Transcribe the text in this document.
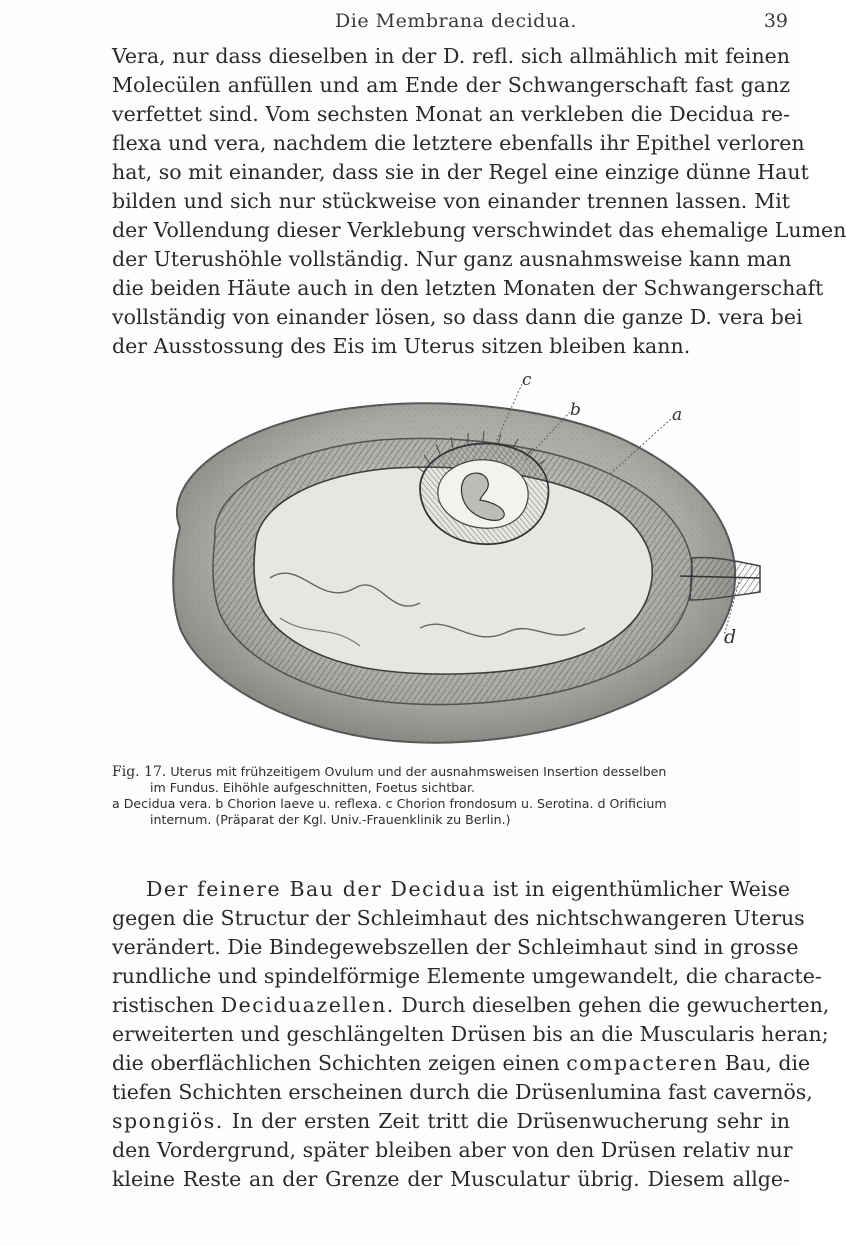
Die Membrana decidua.	39
Vera, nur dass dieselben in der D. refl. sich allmählich mit feinen
Molecülen anfüllen und am Ende der Schwangerschaft fast ganz
verfettet sind. Vom sechsten Monat an verkleben die Decidua re-
flexa und vera, nachdem die letztere ebenfalls ihr Epithel verloren
hat, so mit einander, dass sie in der Regel eine einzige dünne Haut
bilden und sich nur stückweise von einander trennen lassen. Mit
der Vollendung dieser Verklebung verschwindet das ehemalige Lumen
der Uterushöhle vollständig. Nur ganz ausnahmsweise kann man
die beiden Häute auch in den letzten Monaten der Schwangerschaft
vollständig von einander lösen, so dass dann die ganze D. vera bei
der Ausstossung des Eis im Uterus sitzen bleiben kann.
c
b	a
d
Fig. 17. Uterus mit frühzeitigem Ovulum und der ausnahmsweisen Insertion desselben
im Fundus. Eihöhle aufgeschnitten, Foetus sichtbar.
a Decidua vera. b Chorion laeve u. reflexa. c Chorion frondosum u. Serotina. d Orificium
internum. (Präparat der Kgl. Univ.-Frauenklinik zu Berlin.)
Der feinere Bau der Decidua ist in eigenthümlicher Weise
gegen die Structur der Schleimhaut des nichtschwangeren Uterus
verändert. Die Bindegewebszellen der Schleimhaut sind in grosse
rundliche und spindelförmige Elemente umgewandelt, die characte-
ristischen Deciduazellen. Durch dieselben gehen die gewucherten,
erweiterten und geschlängelten Drüsen bis an die Muscularis heran;
die oberflächlichen Schichten zeigen einen compacteren Bau, die
tiefen Schichten erscheinen durch die Drüsenlumina fast cavernös,
spongiös. In der ersten Zeit tritt die Drüsenwucherung sehr in
den Vordergrund, später bleiben aber von den Drüsen relativ nur
kleine Reste an der Grenze der Musculatur übrig. Diesem allge-
